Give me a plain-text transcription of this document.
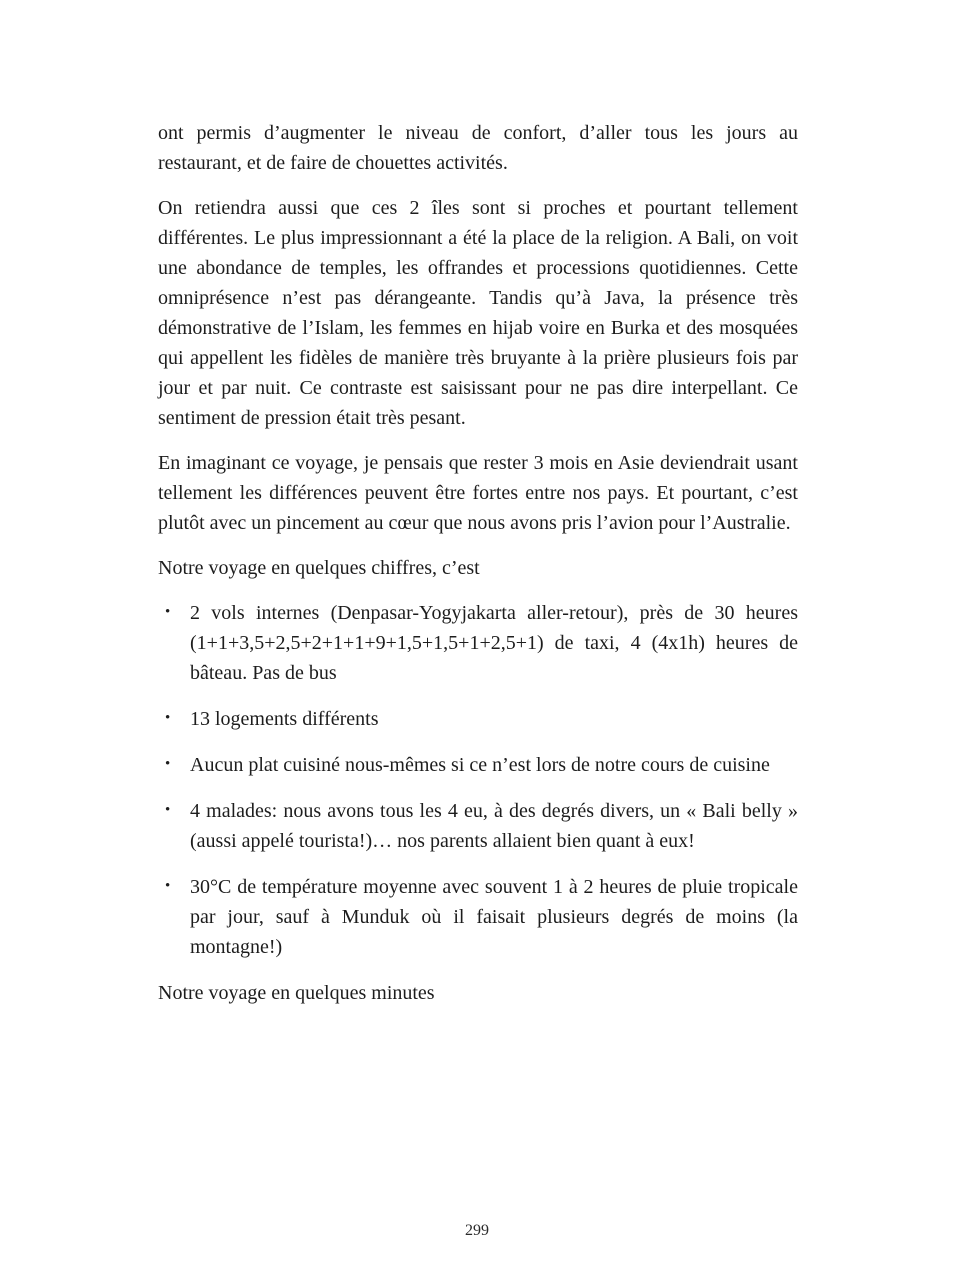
ont permis d’augmenter le niveau de confort, d’aller tous les jours au restaurant, et de faire de chouettes activités.

On retiendra aussi que ces 2 îles sont si proches et pourtant tellement différentes. Le plus impressionnant a été la place de la religion. A Bali, on voit une abondance de temples, les offrandes et processions quotidiennes. Cette omniprésence n’est pas dérangeante. Tandis qu’à Java, la présence très démonstrative de l’Islam, les femmes en hijab voire en Burka et des mosquées qui appellent les fidèles de manière très bruyante à la prière plusieurs fois par jour et par nuit. Ce contraste est saisissant pour ne pas dire interpellant. Ce sentiment de pression était très pesant.

En imaginant ce voyage, je pensais que rester 3 mois en Asie deviendrait usant tellement les différences peuvent être fortes entre nos pays. Et pourtant, c’est plutôt avec un pincement au cœur que nous avons pris l’avion pour l’Australie.

Notre voyage en quelques chiffres, c’est

• 2 vols internes (Denpasar-Yogyjakarta aller-retour), près de 30 heures (1+1+3,5+2,5+2+1+1+9+1,5+1,5+1+2,5+1) de taxi, 4 (4x1h) heures de bâteau. Pas de bus
• 13 logements différents
• Aucun plat cuisiné nous-mêmes si ce n’est lors de notre cours de cuisine
• 4 malades: nous avons tous les 4 eu, à des degrés divers, un « Bali belly » (aussi appelé tourista!)… nos parents allaient bien quant à eux!
• 30°C de température moyenne avec souvent 1 à 2 heures de pluie tropicale par jour, sauf à Munduk où il faisait plusieurs degrés de moins (la montagne!)

Notre voyage en quelques minutes

299
